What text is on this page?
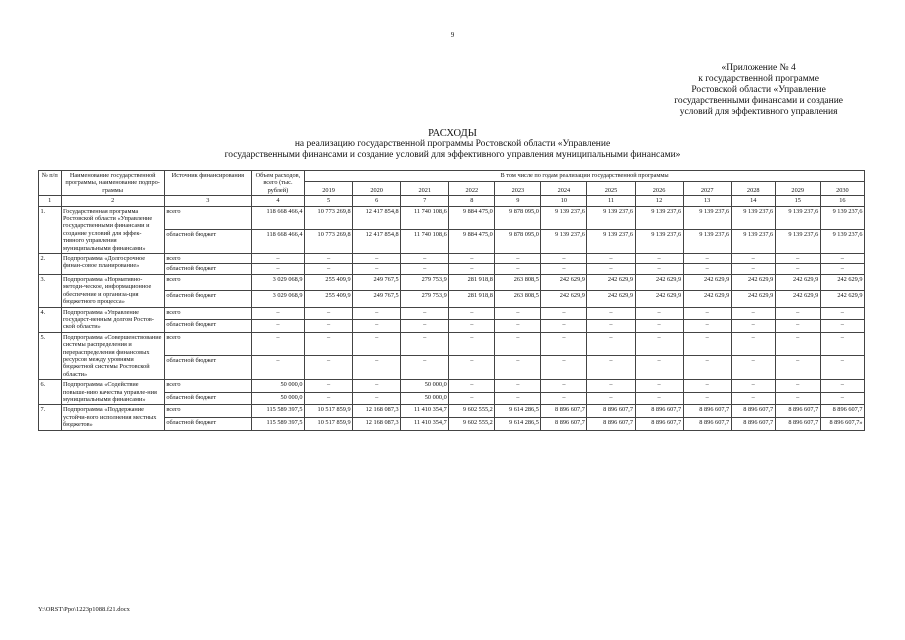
9
«Приложение № 4
к государственной программе
Ростовской области «Управление
государственными финансами и создание
условий для эффективного управления
РАСХОДЫ
на реализацию государственной программы Ростовской области «Управление
государственными финансами и создание условий для эффективного управления муниципальными финансами»
№ п/п	Наименование государственной программы, наименование подпро-граммы	Источник финансирования	Объем расходов, всего (тыс. рублей)	В том числе по годам реализации государственной программы											
				2019	2020	2021	2022	2023	2024	2025	2026	2027	2028	2029	2030
1	2	3	4	5	6	7	8	9	10	11	12	13	14	15	16
1.	Государственная программа Ростовской области «Управление государственными финансами и создание условий для эффек-тивного управления муниципальными финансами»	всего	118 668 466,4	10 773 269,8	12 417 854,8	11 740 108,6	9 884 475,0	9 878 095,0	9 139 237,6	9 139 237,6	9 139 237,6	9 139 237,6	9 139 237,6	9 139 237,6	9 139 237,6
		областной бюджет	118 668 466,4	10 773 269,8	12 417 854,8	11 740 108,6	9 884 475,0	9 878 095,0	9 139 237,6	9 139 237,6	9 139 237,6	9 139 237,6	9 139 237,6	9 139 237,6	9 139 237,6
2.	Подпрограмма «Долгосрочное финан-совое планирование»	всего	–	–	–	–	–	–	–	–	–	–	–	–	–
		областной бюджет	–	–	–	–	–	–	–	–	–	–	–	–	–
3.	Подпрограмма «Нормативно-методи-ческое, информационное обеспечение и организа-ция бюджетного процесса»	всего	3 029 068,9	255 409,9	249 767,5	279 753,9	281 918,8	263 808,5	242 629,9	242 629,9	242 629,9	242 629,9	242 629,9	242 629,9	242 629,9
		областной бюджет	3 029 068,9	255 409,9	249 767,5	279 753,9	281 918,8	263 808,5	242 629,9	242 629,9	242 629,9	242 629,9	242 629,9	242 629,9	242 629,9
4.	Подпрограмма «Управление государст-венным долгом Ростов-ской области»	всего	–	–	–	–	–	–	–	–	–	–	–	–	–
		областной бюджет	–	–	–	–	–	–	–	–	–	–	–	–	–
5.	Подпрограмма «Совершенствование системы распределения и перераспределения финансовых ресурсов между уровнями бюджетной системы Ростовской области»	всего	–	–	–	–	–	–	–	–	–	–	–	–	–
		областной бюджет	–	–	–	–	–	–	–	–	–	–	–	–	–
6.	Подпрограмма «Содействие повыше-нию качества управле-ния муниципальными финансами»	всего	50 000,0	–	–	50 000,0	–	–	–	–	–	–	–	–	–
		областной бюджет	50 000,0	–	–	50 000,0	–	–	–	–	–	–	–	–	–
7.	Подпрограмма «Поддержание устойчи-вого исполнения местных бюджетов»	всего	115 589 397,5	10 517 859,9	12 168 087,3	11 410 354,7	9 602 555,2	9 614 286,5	8 896 607,7	8 896 607,7	8 896 607,7	8 896 607,7	8 896 607,7	8 896 607,7	8 896 607,7
		областной бюджет	115 589 397,5	10 517 859,9	12 168 087,3	11 410 354,7	9 602 555,2	9 614 286,5	8 896 607,7	8 896 607,7	8 896 607,7	8 896 607,7	8 896 607,7	8 896 607,7	8 896 607,7»
Y:\ORST\Ppo\1223p1088.f21.docx
